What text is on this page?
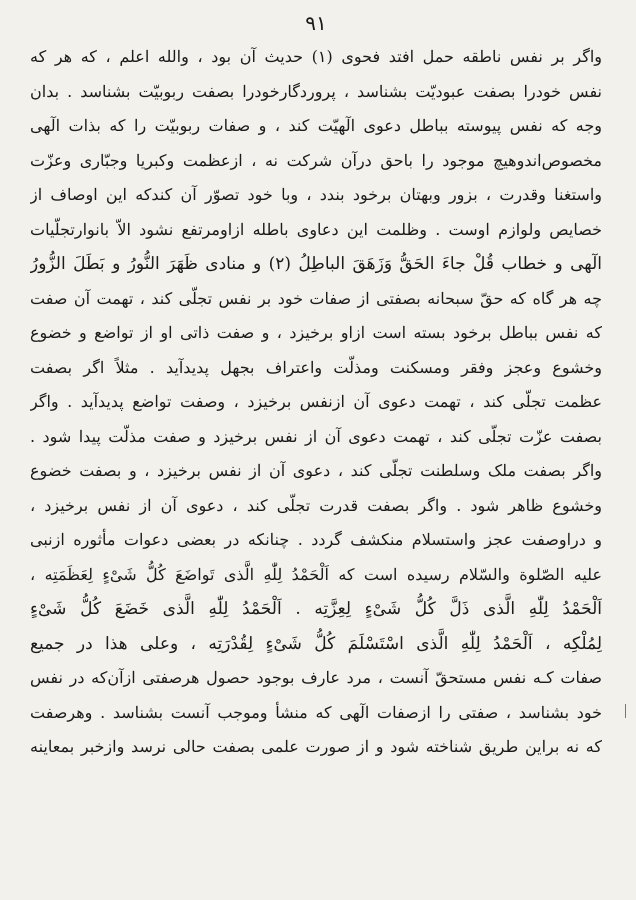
۹۱
واگر بر نفس ناطقه حمل افتد فحوی (۱) حدیث آن بود ، والله اعلم ، که هر که
نفس خودرا بصفت عبودیّت بشناسد ، پروردگارخودرا بصفت ربوبیّت بشناسد . بدان
وجه که نفس پیوسته بباطل دعوی الٓهیّت کند ، و صفات ربوبیّت را که بذات الٓهی
مخصوص‌اندوهیچ موجود را باحق درآن شرکت نه ، ازعظمت وکبریا وجبّاری وعزّت
واستغنا وقدرت ، بزور وبهتان برخود بندد ، وبا خود تصوّر آن کندکه این اوصاف از
خصایص ولوازم اوست . وظلمت این دعاوی باطله ازاومرتفع نشود الاّ بانوارتجلّیات
الٓهی و خطاب قُلْ جاءَ الحَقُّ وَزَهَقَ الباطِلُ (۲) و منادی ظَهَرَ النُّورُ و بَطَلَ الزُّورُ
چه هر گاه که حقّ سبحانه بصفتی از صفات خود بر نفس تجلّی کند ، تهمت آن صفت
که نفس بباطل برخود بسته است ازاو برخیزد ، و صفت ذاتی او از تواضع و خضوع
وخشوع وعجز وفقر ومسکنت ومذلّت واعتراف بجهل پدیدآید . مثلاً اگر بصفت
عظمت تجلّی کند ، تهمت دعوی آن ازنفس برخیزد ، وصفت تواضع پدیدآید . واگر
بصفت عزّت تجلّی کند ، تهمت دعوی آن از نفس برخیزد و صفت مذلّت پیدا شود .
واگر بصفت ملک وسلطنت تجلّی کند ، دعوی آن از نفس برخیزد ، و بصفت خضوع
وخشوع ظاهر شود . واگر بصفت قدرت تجلّی کند ، دعوی آن از نفس برخیزد ،
و دراوصفت عجز واستسلام منکشف گردد . چنانکه در بعضی دعوات مأثوره ازنبی
علیه الصّلوة والسّلام رسیده است که اَلْحَمْدُ لِلّٰهِ الَّذی تَواضَعَ کُلُّ شَیْءٍ لِعَظَمَتِه ،
اَلْحَمْدُ لِلّٰهِ الَّذی ذَلَّ کُلُّ شَیْءٍ لِعِزَّتِه . اَلْحَمْدُ لِلّٰهِ الَّذی خَضَعَ کُلُّ شَیْءٍ
لِمُلْکِه ، اَلْحَمْدُ لِلّٰهِ الَّذی اسْتَسْلَمَ کُلُّ شَیْءٍ لِقُدْرَتِه ، وعلی هذا در جمیع
صفات کـه نفس مستحقّ آنست ، مرد عارف بوجود حصول هرصفتی ازآن‌که در نفس
خود بشناسد ، صفتی را ازصفات الٓهی که منشأ وموجب آنست بشناسد . وهرصفت
که نه براین طریق شناخته شود و از صورت علمی بصفت حالی نرسد وازخبر بمعاینه
